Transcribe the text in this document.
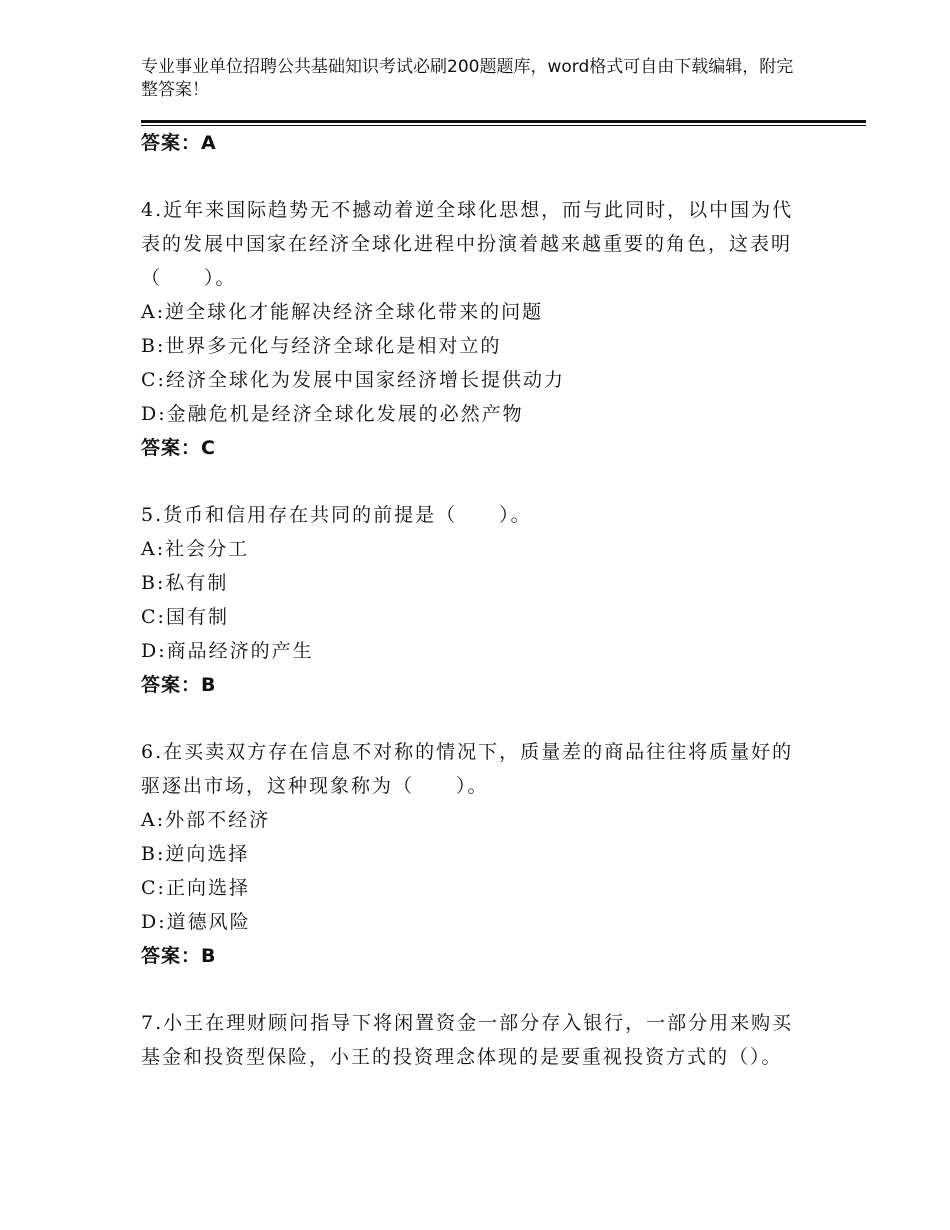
专业事业单位招聘公共基础知识考试必刷200题题库，word格式可自由下载编辑，附完整答案！
答案：A
4.近年来国际趋势无不撼动着逆全球化思想，而与此同时，以中国为代表的发展中国家在经济全球化进程中扮演着越来越重要的角色，这表明（　　）。
A:逆全球化才能解决经济全球化带来的问题
B:世界多元化与经济全球化是相对立的
C:经济全球化为发展中国家经济增长提供动力
D:金融危机是经济全球化发展的必然产物
答案：C
5.货币和信用存在共同的前提是（　　）。
A:社会分工
B:私有制
C:国有制
D:商品经济的产生
答案：B
6.在买卖双方存在信息不对称的情况下，质量差的商品往往将质量好的驱逐出市场，这种现象称为（　　）。
A:外部不经济
B:逆向选择
C:正向选择
D:道德风险
答案：B
7.小王在理财顾问指导下将闲置资金一部分存入银行，一部分用来购买基金和投资型保险，小王的投资理念体现的是要重视投资方式的（）。
